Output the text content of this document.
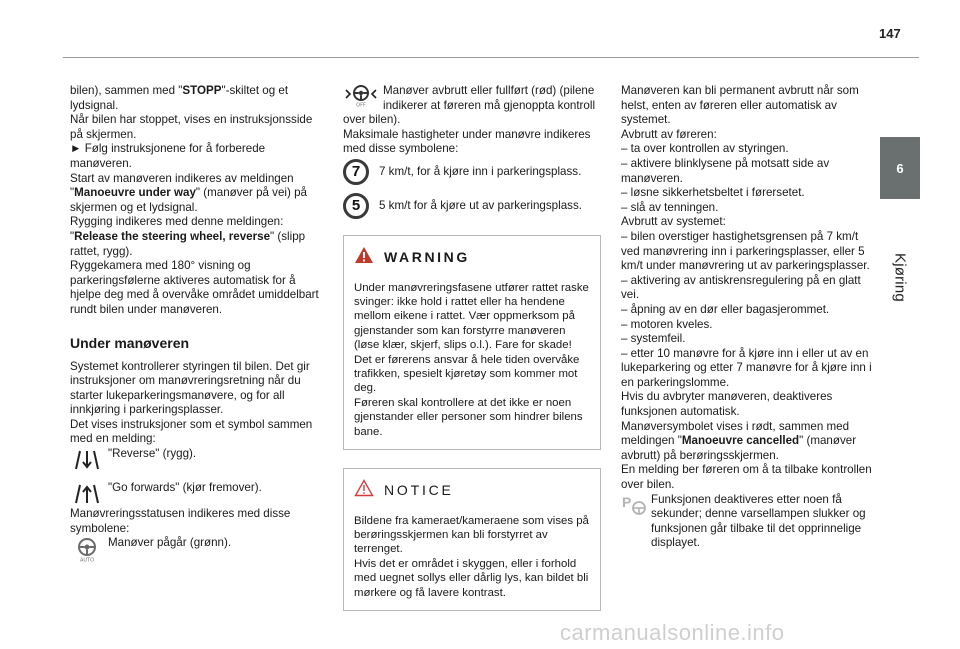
147
6
Kjøring

bilen), sammen med "STOPP"-skiltet og et lydsignal.

Når bilen har stoppet, vises en instruksjonsside på skjermen.

► Følg instruksjonene for å forberede manøveren.

Start av manøveren indikeres av meldingen "Manoeuvre under way" (manøver på vei) på skjermen og et lydsignal.

Rygging indikeres med denne meldingen:

"Release the steering wheel, reverse" (slipp rattet, rygg).

Ryggekamera med 180° visning og parkeringsfølerne aktiveres automatisk for å hjelpe deg med å overvåke området umiddelbart rundt bilen under manøveren.

Under manøveren

Systemet kontrollerer styringen til bilen. Det gir instruksjoner om manøvreringsretning når du starter lukeparkeringsmanøvere, og for all innkjøring i parkeringsplasser.

Det vises instruksjoner som et symbol sammen med en melding:

"Reverse" (rygg).
"Go forwards" (kjør fremover).

Manøvreringsstatusen indikeres med disse symbolene:

AUTO
Manøver pågår (grønn).

OFF
Manøver avbrutt eller fullført (rød) (pilene indikerer at føreren må gjenoppta kontroll over bilen).

Maksimale hastigheter under manøvre indikeres med disse symbolene:

7	7 km/t, for å kjøre inn i parkeringsplass.
5	5 km/t for å kjøre ut av parkeringsplass.
WARNING

Under manøvreringsfasene utfører rattet raske svinger: ikke hold i rattet eller ha hendene mellom eikene i rattet. Vær oppmerksom på gjenstander som kan forstyrre manøveren (løse klær, skjerf, slips o.l.). Fare for skade!

Det er førerens ansvar å hele tiden overvåke trafikken, spesielt kjøretøy som kommer mot deg.

Føreren skal kontrollere at det ikke er noen gjenstander eller personer som hindrer bilens bane.

NOTICE

Bildene fra kameraet/kameraene som vises på berøringsskjermen kan bli forstyrret av terrenget.

Hvis det er området i skyggen, eller i forhold med uegnet sollys eller dårlig lys, kan bildet bli mørkere og få lavere kontrast.

Manøveren kan bli permanent avbrutt når som helst, enten av føreren eller automatisk av systemet.

Avbrutt av føreren:

– ta over kontrollen av styringen.

– aktivere blinklysene på motsatt side av manøveren.

– løsne sikkerhetsbeltet i førersetet.

– slå av tenningen.

Avbrutt av systemet:

– bilen overstiger hastighetsgrensen på 7 km/t ved manøvrering inn i parkeringsplasser, eller 5 km/t under manøvrering ut av parkeringsplasser.

– aktivering av antiskrensregulering på en glatt vei.

– åpning av en dør eller bagasjerommet.

– motoren kveles.

– systemfeil.

– etter 10 manøvre for å kjøre inn i eller ut av en lukeparkering og etter 7 manøvre for å kjøre inn i en parkeringslomme.

Hvis du avbryter manøveren, deaktiveres funksjonen automatisk.

Manøversymbolet vises i rødt, sammen med meldingen "Manoeuvre cancelled" (manøver avbrutt) på berøringsskjermen.

En melding ber føreren om å ta tilbake kontrollen over bilen.

P Funksjonen deaktiveres etter noen få sekunder; denne varsellampen slukker og funksjonen går tilbake til det opprinnelige displayet.

carmanualsonline.info
